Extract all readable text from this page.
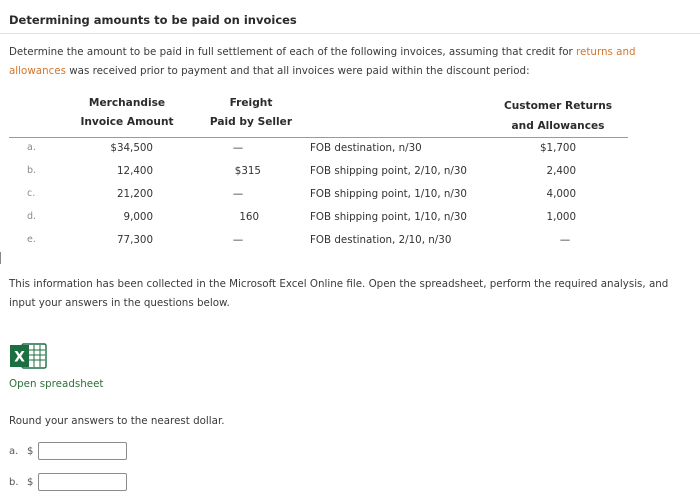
Determining amounts to be paid on invoices
Determine the amount to be paid in full settlement of each of the following invoices, assuming that credit for returns and allowances was received prior to payment and that all invoices were paid within the discount period:
Merchandise
Invoice Amount
Freight
Paid by Seller
Customer Returns
and Allowances
a.	$34,500	—	FOB destination, n/30	$1,700
b.	12,400	$315	FOB shipping point, 2/10, n/30	2,400
c.	21,200	—	FOB shipping point, 1/10, n/30	4,000
d.	9,000	160	FOB shipping point, 1/10, n/30	1,000
e.	77,300	—	FOB destination, 2/10, n/30	—
This information has been collected in the Microsoft Excel Online file. Open the spreadsheet, perform the required analysis, and input your answers in the questions below.
X
Open spreadsheet
Round your answers to the nearest dollar.
a. $
b. $
